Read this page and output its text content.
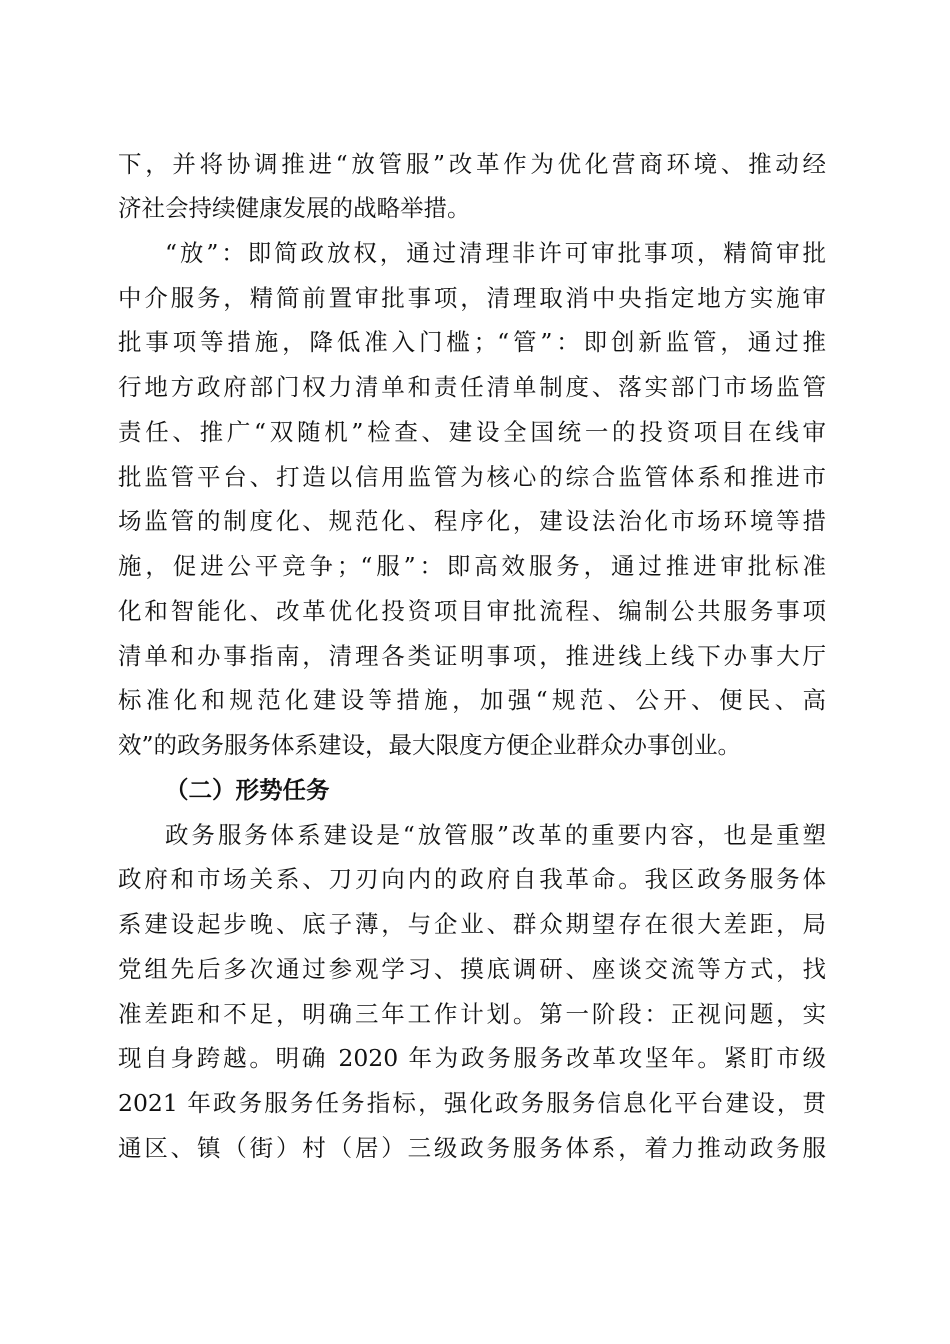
下，并将协调推进“放管服”改革作为优化营商环境、推动经
济社会持续健康发展的战略举措。
“放”：即简政放权，通过清理非许可审批事项，精简审批
中介服务，精简前置审批事项，清理取消中央指定地方实施审
批事项等措施，降低准入门槛；“管”：即创新监管，通过推
行地方政府部门权力清单和责任清单制度、落实部门市场监管
责任、推广“双随机”检查、建设全国统一的投资项目在线审
批监管平台、打造以信用监管为核心的综合监管体系和推进市
场监管的制度化、规范化、程序化，建设法治化市场环境等措
施，促进公平竞争；“服”：即高效服务，通过推进审批标准
化和智能化、改革优化投资项目审批流程、编制公共服务事项
清单和办事指南，清理各类证明事项，推进线上线下办事大厅
标准化和规范化建设等措施，加强“规范、公开、便民、高
效”的政务服务体系建设，最大限度方便企业群众办事创业。
（二）形势任务
政务服务体系建设是“放管服”改革的重要内容，也是重塑
政府和市场关系、刀刃向内的政府自我革命。我区政务服务体
系建设起步晚、底子薄，与企业、群众期望存在很大差距，局
党组先后多次通过参观学习、摸底调研、座谈交流等方式，找
准差距和不足，明确三年工作计划。第一阶段：正视问题，实
现自身跨越。明确 2020 年为政务服务改革攻坚年。紧盯市级
2021 年政务服务任务指标，强化政务服务信息化平台建设，贯
通区、镇（街）村（居）三级政务服务体系，着力推动政务服
